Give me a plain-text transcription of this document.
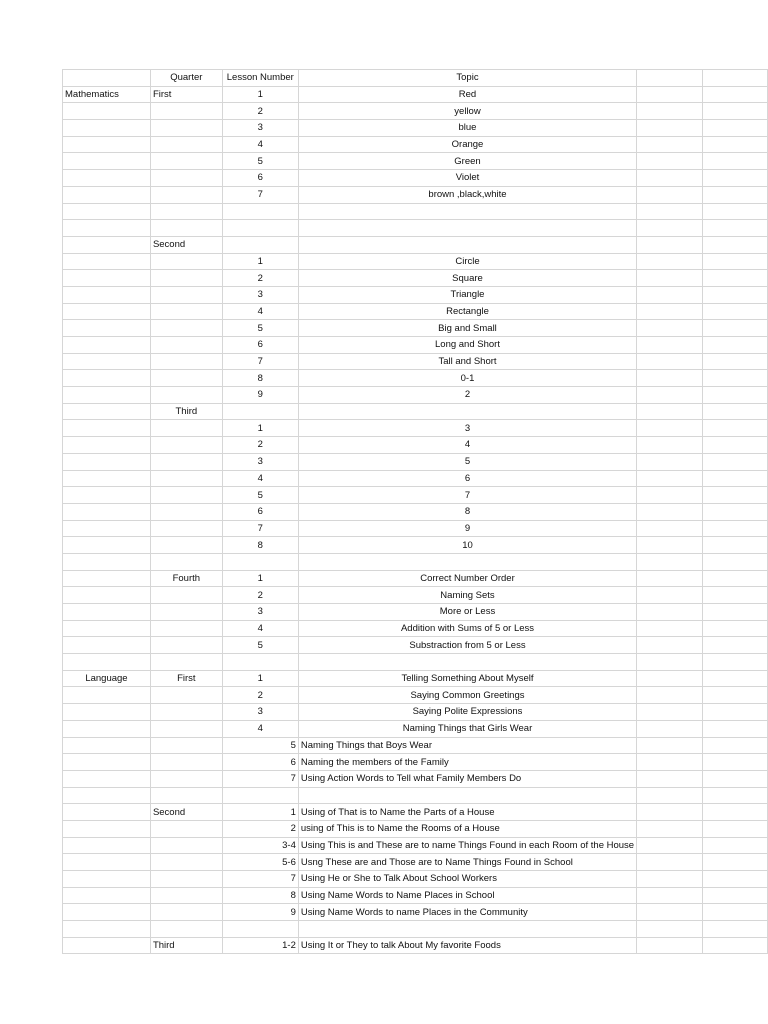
	Quarter	Lesson Number	Topic		
Mathematics	First	1	Red		
		2	yellow		
		3	blue		
		4	Orange		
		5	Green		
		6	Violet		
		7	brown ,black,white		

	Second				
		1	Circle		
		2	Square		
		3	Triangle		
		4	Rectangle		
		5	Big and Small		
		6	Long and Short		
		7	Tall and Short		
		8	0-1		
		9	2		
	Third				
		1	3		
		2	4		
		3	5		
		4	6		
		5	7		
		6	8		
		7	9		
		8	10		

	Fourth	1	Correct Number Order		
		2	Naming Sets		
		3	More or Less		
		4	Addition with Sums of 5 or Less		
		5	Substraction from 5 or Less		

Language	First	1	Telling Something About Myself		
		2	Saying Common Greetings		
		3	Saying Polite Expressions		
		4	Naming Things that Girls Wear		
		5	Naming Things that Boys Wear		
		6	Naming the members of the Family		
		7	Using Action Words to Tell what Family Members Do		

	Second	1	Using of That is to Name the Parts of a House		
		2	using of This is to Name the Rooms of a House		
		3-4	Using This is and These are to name Things Found in each Room of the House		
		5-6	Usng These are and Those are to Name Things Found in School		
		7	Using He or She to Talk About School Workers		
		8	Using Name Words to Name Places in School		
		9	Using Name Words to name Places in the Community		

	Third	1-2	Using It or They to talk About My favorite Foods		
